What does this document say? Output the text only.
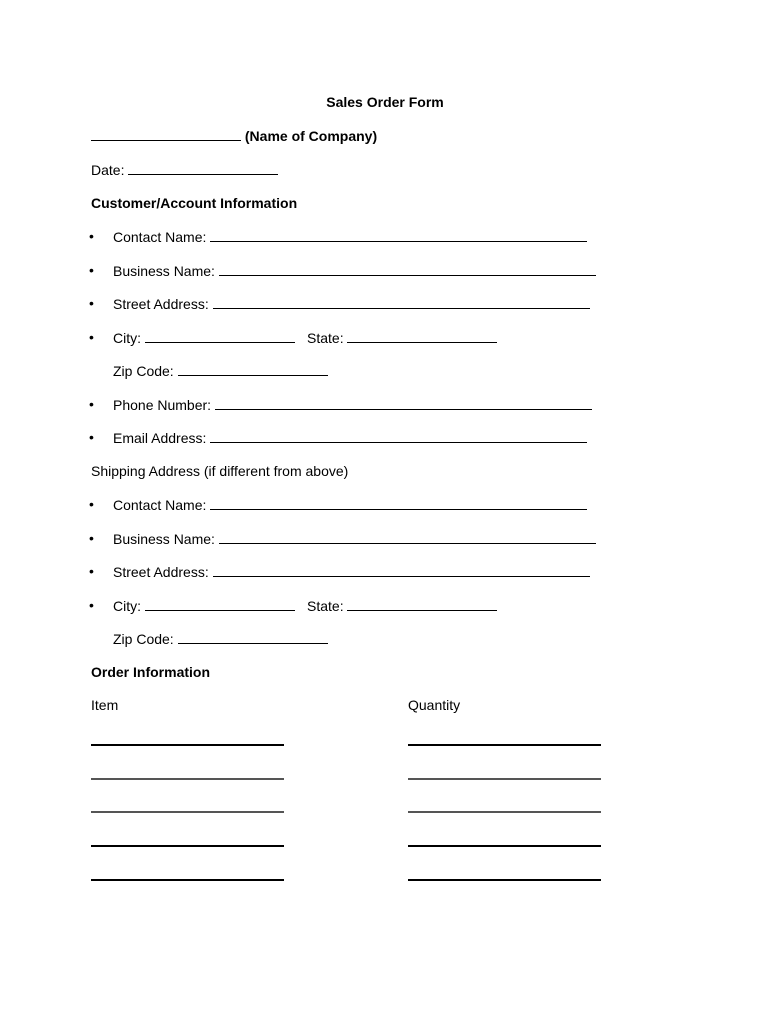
Sales Order Form
(Name of Company)
Date:
Customer/Account Information
• Contact Name:
• Business Name:
• Street Address:
• City:	State:
Zip Code:
• Phone Number:
• Email Address:
Shipping Address (if different from above)
• Contact Name:
• Business Name:
• Street Address:
• City:	State:
Zip Code:
Order Information
Item	Quantity
